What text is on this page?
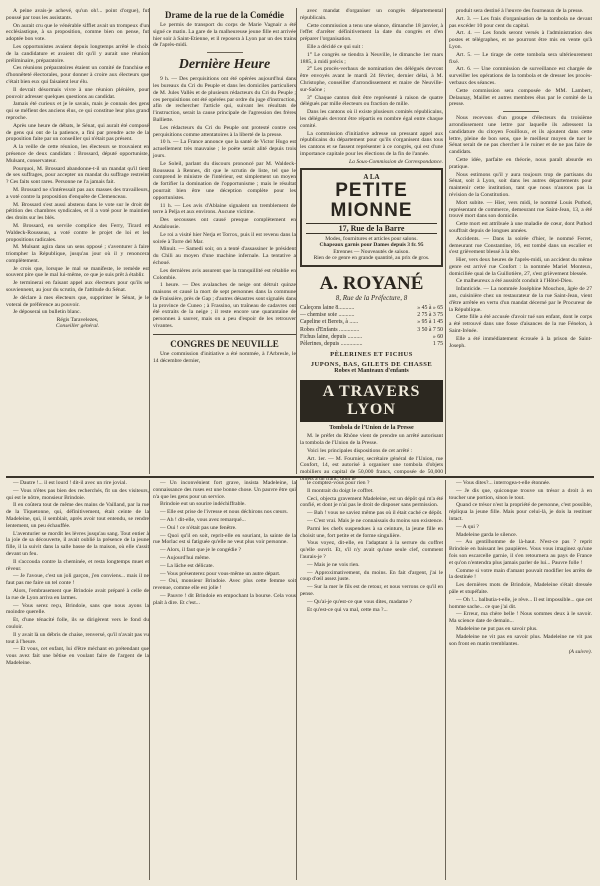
A peine avais-je achevé, qu'un oh!... point d'orgue), fut poussé par tous les assistants.

On aurait cru que le vénérable sifflet avait un trompeux d'un ecclésiastique, à sa proposition, comme bien on pense, fut adoptée bon vote.

Les opportunistes avaient depuis longtemps arrêté le choix de la candidature et avaient dit qu'il y aurait une réunion préliminaire, préparatoire.

Ces réunions préparatoires étaient un comité de franchise et d'honnêteté électorales, pour donner à croire aux électeurs que c'était bien eux qui faisaient leur élu.

Il devrait désormais vivre à une réunion plénière, pour pouvoir adresser quelques questions au candidat.

Jamais été curieux et je le savais, mais je connais des gens qui se méfient des anciens élus, ce qui constitue leur plus grand reproche.

Après une heure de débats, le Sénat, qui aurait été composé de gens qui ont de la patience, a fini par prendre acte de la proposition faite par un conseiller qui n'était pas présent.

A la veille de cette réunion, les électeurs se trouvaient en présence de deux candidats : Brossard, député opportuniste, Mulsant, conservateur.

Pourquoi, M. Brossard abandonne-t-il un mandat qu'il tient de ses suffrages, pour accepter un mandat du suffrage restreint ? Ces faits sont rares. Personne ne l'a jamais fait.

M. Brossard ne s'intéressait pas aux masses des travailleurs, a voté contre la proposition d'enquête de Clemenceau.

M. Brossard s'est aussi abstenu dans le vote sur le droit de pétition des chambres syndicales, et il a voté pour le maintien des droits sur les blés.

M. Brossard, en servile complice des Ferry, Tirard et Waldeck-Rousseau, a voté contre le projet de loi et les propositions radicales.

M. Mulsant agira dans un sens opposé ; s'aventurer à faire triompher la République, jusqu'au jour où il y renoncera complètement.

Je crois que, lorsque le mal se manifeste, le remède est souvent pire que le mal lui-même, ce que je suis prêt à établir.

Je terminerai en faisant appel aux électeurs pour qu'ils se souviennent, au jour du scrutin, de l'attitude du Sénat.

Je déclare à mes électeurs que, supprimer le Sénat, je le voterai de préférence au pouvoir.

Je déposerai un bulletin blanc.

Régis Taravelezes,

Conseiller général.

Drame de la rue de la Comédie

Le permis de transport du corps de Marie Vagnair a été signé ce matin. La gare de la malheureuse jeune fille est arrivée hier soir à Saint-Etienne, et il reposera à Lyon par un des trains de l'après-midi.

Dernière Heure

9 h. — Des perquisitions ont été opérées aujourd'hui dans les bureaux du Cri du Peuple et dans les domiciles particuliers de M. Jules Vallès et de plusieurs rédacteurs du Cri du Peuple ; ces perquisitions ont été opérées par ordre du juge d'instruction, afin de rechercher l'article qui, suivant les résultats de l'instruction, serait la cause principale de l'agression des frères Balliette.

Les rédacteurs du Cri du Peuple ont protesté contre ces perquisitions comme attentatoires à la liberté de la presse.

10 h. — La France annonce que la santé de Victor Hugo est actuellement très mauvaise ; le poète serait alité depuis trois jours.

Le Soleil, parlant du discours prononcé par M. Waldeck-Rousseau à Rennes, dit que le scrutin de liste, tel que le comprend le ministre de l'intérieur, est simplement un moyen de fortifier la domination de l'opportunisme ; mais le résultat pourrait bien être une déception complète pour les opportunistes.

11 h. — Les avis d'Ablaine signalent un tremblement de terre à Pelja et aux environs. Aucune victime.

Des secousses ont causé presque complètement en Andalousie.

Le roi a visité hier Nerja et Torrox, puis il est revenu dans la soirée à Torre del Mar.

Minuit. — Samedi soir, on a tenté d'assassiner le président du Chili au moyen d'une machine infernale. La tentative a échoué.

Les dernières avis assurent que la tranquillité est rétablie en Colombie.

1 heure. — Des avalanches de neige ont détruit quinze maisons et causé la mort de sept personnes dans la commune de Fraissière, près de Gap ; d'autres désastres sont signalés dans la province de Cuneo ; à Frassino, un traîneau de cadavres ont été extraits de la neige ; il reste encore une quarantaine de personnes à sauver, mais on a peu d'espoir de les retrouver vivantes.

CONGRES DE NEUVILLE

Une commission d'initiative a été nommée, à l'Arbresle, le 14 décembre dernier,

avec mandat d'organiser un congrès départemental républicain.

Cette commission a tenu une séance, dimanche 18 janvier, à l'effet d'arrêter définitivement la date du congrès et d'en préparer l'organisation.

Elle a décidé ce qui suit :

1° Le congrès se tiendra à Neuville, le dimanche 1er mars 1885, à midi précis ;

2° Les procès-verbaux de nomination des délégués devront être envoyés avant le mardi 24 février, dernier délai, à M. Christophe, conseiller d'arrondissement et maire de Neuville-sur-Saône ;

3° Chaque canton doit être représenté à raison de quatre délégués par mille électeurs ou fraction de mille.

Dans les cantons où il existe plusieurs comités républicains, les délégués devront être répartis en nombre égal entre chaque comité.

La commission d'initiative adresse un pressant appel aux républicains du département pour qu'ils s'organisent dans tous les cantons et se fassent représenter à ce congrès, qui est d'une importance capitale pour les élections de la fin de l'année.

La Sous-Commission de Correspondance.

A LA
PETITE MIONNE
17, Rue de la Barre
Modes, fournitures et articles pour salons.
Chapeaux garnis pour Dames depuis 3 fr. 95
Etrennes — Nouveautés de saison.
Rien de ce genre en grande quantité, au prix de gros.
A. ROYANÉ
8, Rue de la Préfecture, 8
Caleçons laine 8...........	» 45 à » 65
— chemise soie ...........	2 75 à 3 75
Capeline et Berets, à ......	» 95 à 1 45
Robes d'Enfants ..............	3 50 à 7 50
Fichus laine, depuis ..........	» 60
Pèlerines, depuis ...............	1 75
PÈLERINES ET FICHUS
JUPONS, BAS, GILETS DE CHASSE
Robes et Manteaux d'enfants
A TRAVERS LYON
Tombola de l'Union de la Presse

M. le préfet du Rhône vient de prendre un arrêté autorisant la tombola de l'Union de la Presse.

Voici les principales dispositions de cet arrêté :

Art. 1er. — M. Fournier, secrétaire général de l'Union, rue Confort, 14, est autorisé à organiser une tombola d'objets mobiliers au capital de 50,000 francs, composée de 50,000 billets à un franc, dont le

produit sera destiné à l'œuvre des fourneaux de la presse.

Art. 3. — Les frais d'organisation de la tombola ne devant pas excéder 10 pour cent du capital.

Art. 4. — Les fonds seront versés à l'administration des postes et télégraphes, et ne pourront être mis en vente qu'à Lyon.

Art. 5. — Le tirage de cette tombola sera ultérieurement fixé.

Art. 6. — Une commission de surveillance est chargée de surveiller les opérations de la tombola et de dresser les procès-verbaux des séances.

Cette commission sera composée de MM. Lambert, Delaunay, Maillet et autres membres élus par le comité de la presse.

Nous recevons d'un groupe d'électeurs du troisième arrondissement une lettre par laquelle ils adressent la candidature du citoyen Fouilloux, et ils ajoutent dans cette lettre, pleine de bon sens, que le meilleur moyen de tuer le Sénat serait de ne pas chercher à le ruiner et de ne pas faire de candidats.

Cette idée, parfaite en théorie, nous paraît absurde en pratique.

Nous estimons qu'il y aura toujours trop de partisans du Sénat, soit à Lyon, soit dans les autres départements pour maintenir cette institution, tant que nous n'aurons pas la révision de la Constitution.

Mort subite. — Hier, vers midi, le nommé Louis Puthod, représentant de commerce, demeurant rue Saint-Jean, 13, a été trouvé mort dans son domicile.

Cette mort est attribuée à une maladie de cœur, dont Puthod souffrait depuis de longues années.

Accidents. — Dans la soirée d'hier, le nommé Ferret, demeurant rue Constantine, 16, est tombé dans un escalier et s'est grièvement blessé à la tête.

Hier, vers deux heures de l'après-midi, un accident du même genre est arrivé rue Confort : la nommée Mariel Monteux, domiciliée quai de la Guillotière, 27, s'est grièvement blessée.

Ce malheureux a été aussitôt conduit à l'Hôtel-Dieu.

Infanticide. — La nommée Joséphine Mouchon, âgée de 27 ans, cuisinière chez un restaurateur de la rue Saint-Jean, vient d'être arrêtée en vertu d'un mandat décerné par le Procureur de la République.

Cette fille a été accusée d'avoir tué son enfant, dont le corps a été retrouvé dans une fosse d'aisances de la rue Fénelon, à Saint-Irénée.

Elle a été immédiatement écrouée à la prison de Saint-Joseph.

— Dautre !... il est lourd ! dit-il avec un rire jovial.

— Vous n'êtes pas bien des recherchés, fit un des visiteurs, qui est le nôtre, monsieur Brindoie.

Il en coûtera tout de même des mains de Vailland, par la rue de la Tiquetonne, qui, définitivement, était ceinte de la Madeleine, qui, il semblait, après avoir tout entendu, se rendre lentement, un peu échauffée.

L'aventurier se mordit les lèvres jusqu'au sang. Tout entier à la joie de sa découverte, il avait oublié la présence de la jeune fille, il la suivit dans la salle basse de la maison, où elle s'assit devant un feu.

Il s'accouda contre la cheminée, et resta longtemps muet et rêveur.

— Je l'avoue, c'est un joli garçon, j'en conviens... mais il ne faut pas me faire un tel conte !

Alors, l'embrasement que Brindoie avait préparé à celle de la rue de Lyon arriva en larmes.

— Vous serez reçu, Brindoie, sans que nous ayons la moindre querelle.

Et, d'une ténacité folle, ils se dirigèrent vers le fond du couloir.

Il y avait là un débris de chaise, renversé, qu'il n'avait pas vu tout à l'heure.

— Et vous, cet enfant, lui d'être méchant en prétendant que vous avez fait une bêtise en voulant faire de l'argent de la Madeleine.

— Un inconvénient fort grave, insista Madeleine, la connaissance des ruses est une bonne chose. Un pauvre être qui n'a que les gens pour un service.

Brindoie eut un sourire indéchiffrable.

— Elle est prise de l'ivresse et nous déchirons nos cœurs.

— Ah ! dit-elle, vous avez remarqué...

— Oui ! ce n'était pas une fenêtre.

— Quoi qu'il en soit, reprit-elle en souriant, la sainte de la rue Morlac est si fatiguée qu'elle ne veut plus voir personne.

— Alors, il faut que je le congédie ?

— Aujourd'hui même.

— La lâche est délicate.

— Vous présenterez pour vous-même un autre départ.

— Oui, monsieur Brindoie. Avec plus cette femme soit revenue, comme elle est jolie !

— Pauvre ! dit Brindoie en empochant la bourse. Cela vous plaît à dire. Et c'est...

le comptez-vous pour rien ?

Il montrait du doigt le coffret.

Ceci, objecta gravement Madeleine, est un dépôt qui m'a été confié, et dont je n'ai pas le droit de disposer sans permission.

— Bah ! vous ne saviez même pas où il était caché ce dépôt.

— C'est vrai. Mais je ne connaissais du moins son existence.

Parmi les chefs suspendues à sa ceinture, la jeune fille en choisit une, fort petite et de forme singulière.

Vous voyez, dit-elle, en l'adaptant à la serrure du coffret qu'elle ouvrit. Et, s'il n'y avait qu'une seule clef, comment l'aurais-je ?

— Mais je ne vois rien.

— Approximativement, du moins. En fait d'argent, j'ai le coup d'œil assez juste.

— Sur la mer le fils est de retour, et nous verrons ce qu'il en pense.

— Qu'ai-je qu'est-ce que vous dites, madame ?

Et qu'est-ce qui va mal, cette ma ?...

— Vous dites?... interrogea-t-elle étonnée.

— Je dis que, quiconque trouve un trésor a droit à en toucher une portion, sinon le tout.

Quand ce trésor n'est la propriété de personne, c'est possible, répliqua la jeune fille. Mais pour celui-là, je dois la restituer intact.

— A qui ?

Madeleine garda le silence.

— Au gentilhomme de là-haut. N'est-ce pas ? reprit Brindoie en baissant les paupières. Vous vous imaginez qu'une fois son escarcelle garnie, il s'en retournera au pays de France et qu'on n'entendra plus jamais parler de lui... Pauvre folle !

Comme si votre main d'amant pouvait modifier les arrêts de la destinée !

Les dernières mots de Brindoie, Madeleine s'était dressée pâle et stupéfaite.

— Oh !... balbutia-t-elle, je rêve... Il est impossible... que cet homme sache... ce que j'ai dit.

— Erreur, ma chère belle ! Nous sommes deux à le savoir. Ma science date de demain...

Madeleine ne put pas en savoir plus.

Madeleine ne vit pas en savoir plus. Madeleine ne vit pas son front en matin tremblantes.

(A suivre).
